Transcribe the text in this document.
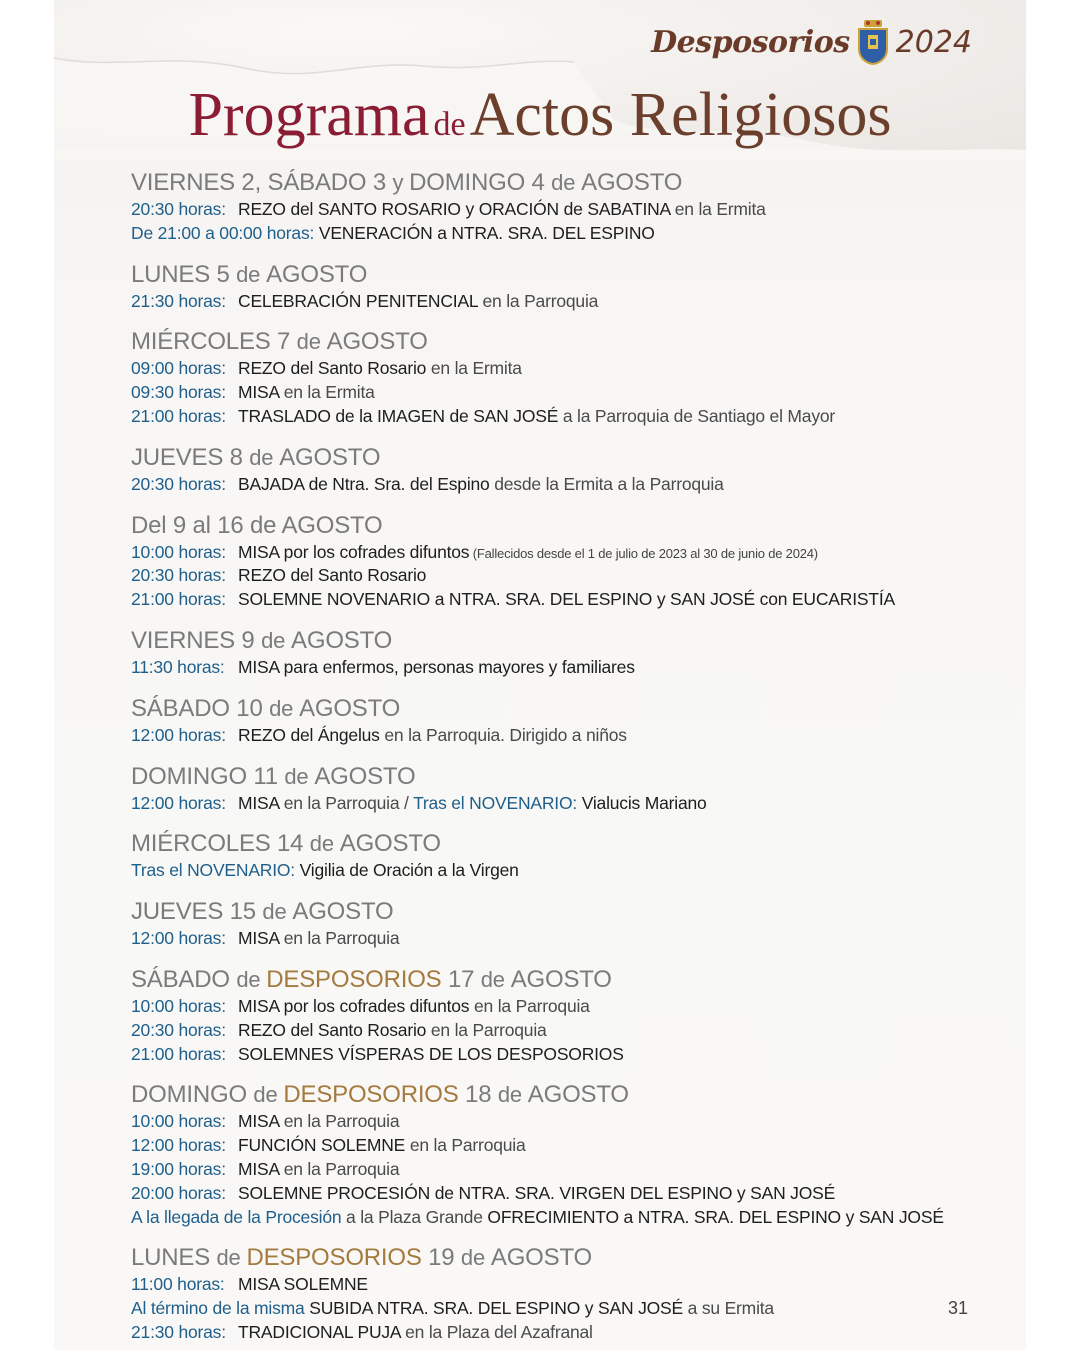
Desposorios 2024
Programa de Actos Religiosos
VIERNES 2, SÁBADO 3 y DOMINGO 4 de AGOSTO
20:30 horas: REZO del SANTO ROSARIO y ORACIÓN de SABATINA en la Ermita
De 21:00 a 00:00 horas: VENERACIÓN a NTRA. SRA. DEL ESPINO
LUNES 5 de AGOSTO
21:30 horas: CELEBRACIÓN PENITENCIAL en la Parroquia
MIÉRCOLES 7 de AGOSTO
09:00 horas: REZO del Santo Rosario en la Ermita
09:30 horas: MISA en la Ermita
21:00 horas: TRASLADO de la IMAGEN de SAN JOSÉ a la Parroquia de Santiago el Mayor
JUEVES 8 de AGOSTO
20:30 horas: BAJADA de Ntra. Sra. del Espino desde la Ermita a la Parroquia
Del 9 al 16 de AGOSTO
10:00 horas: MISA por los cofrades difuntos (Fallecidos desde el 1 de julio de 2023 al 30 de junio de 2024)
20:30 horas: REZO del Santo Rosario
21:00 horas: SOLEMNE NOVENARIO a NTRA. SRA. DEL ESPINO y SAN JOSÉ con EUCARISTÍA
VIERNES 9 de AGOSTO
11:30 horas: MISA para enfermos, personas mayores y familiares
SÁBADO 10 de AGOSTO
12:00 horas: REZO del Ángelus en la Parroquia. Dirigido a niños
DOMINGO 11 de AGOSTO
12:00 horas: MISA en la Parroquia / Tras el NOVENARIO: Vialucis Mariano
MIÉRCOLES 14 de AGOSTO
Tras el NOVENARIO: Vigilia de Oración a la Virgen
JUEVES 15 de AGOSTO
12:00 horas: MISA en la Parroquia
SÁBADO de DESPOSORIOS 17 de AGOSTO
10:00 horas: MISA por los cofrades difuntos en la Parroquia
20:30 horas: REZO del Santo Rosario en la Parroquia
21:00 horas: SOLEMNES VÍSPERAS DE LOS DESPOSORIOS
DOMINGO de DESPOSORIOS 18 de AGOSTO
10:00 horas: MISA en la Parroquia
12:00 horas: FUNCIÓN SOLEMNE en la Parroquia
19:00 horas: MISA en la Parroquia
20:00 horas: SOLEMNE PROCESIÓN de NTRA. SRA. VIRGEN DEL ESPINO y SAN JOSÉ
A la llegada de la Procesión a la Plaza Grande OFRECIMIENTO a NTRA. SRA. DEL ESPINO y SAN JOSÉ
LUNES de DESPOSORIOS 19 de AGOSTO
11:00 horas: MISA SOLEMNE
Al término de la misma SUBIDA NTRA. SRA. DEL ESPINO y SAN JOSÉ a su Ermita
21:30 horas: TRADICIONAL PUJA en la Plaza del Azafranal
31
